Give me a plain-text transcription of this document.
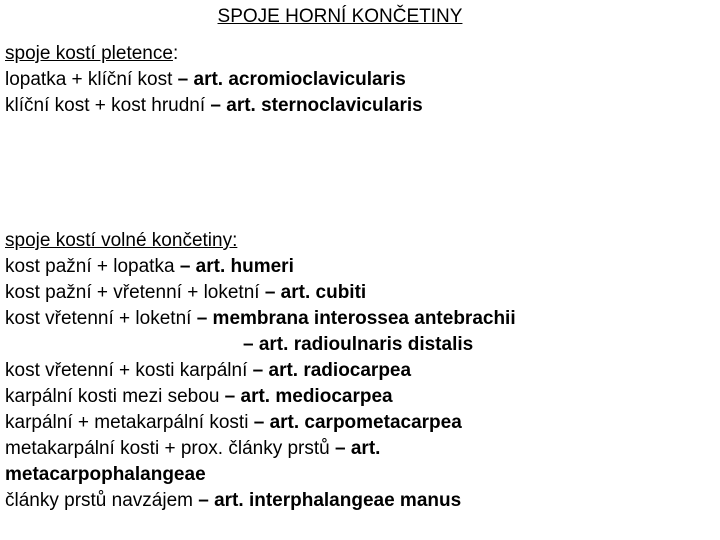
SPOJE HORNÍ KONČETINY
spoje kostí pletence:
lopatka + klíční kost – art. acromioclavicularis
klíční kost + kost hrudní – art. sternoclavicularis
spoje kostí volné končetiny:
kost pažní + lopatka – art. humeri
kost pažní + vřetenní + loketní – art. cubiti
kost vřetenní + loketní – membrana interossea antebrachii
– art. radioulnaris distalis
kost vřetenní + kosti karpální – art. radiocarpea
karpální kosti mezi sebou – art. mediocarpea
karpální + metakarpální kosti – art. carpometacarpea
metakarpální kosti + prox. články prstů – art.
metacarpophalangeae
články prstů navzájem – art. interphalangeae manus
